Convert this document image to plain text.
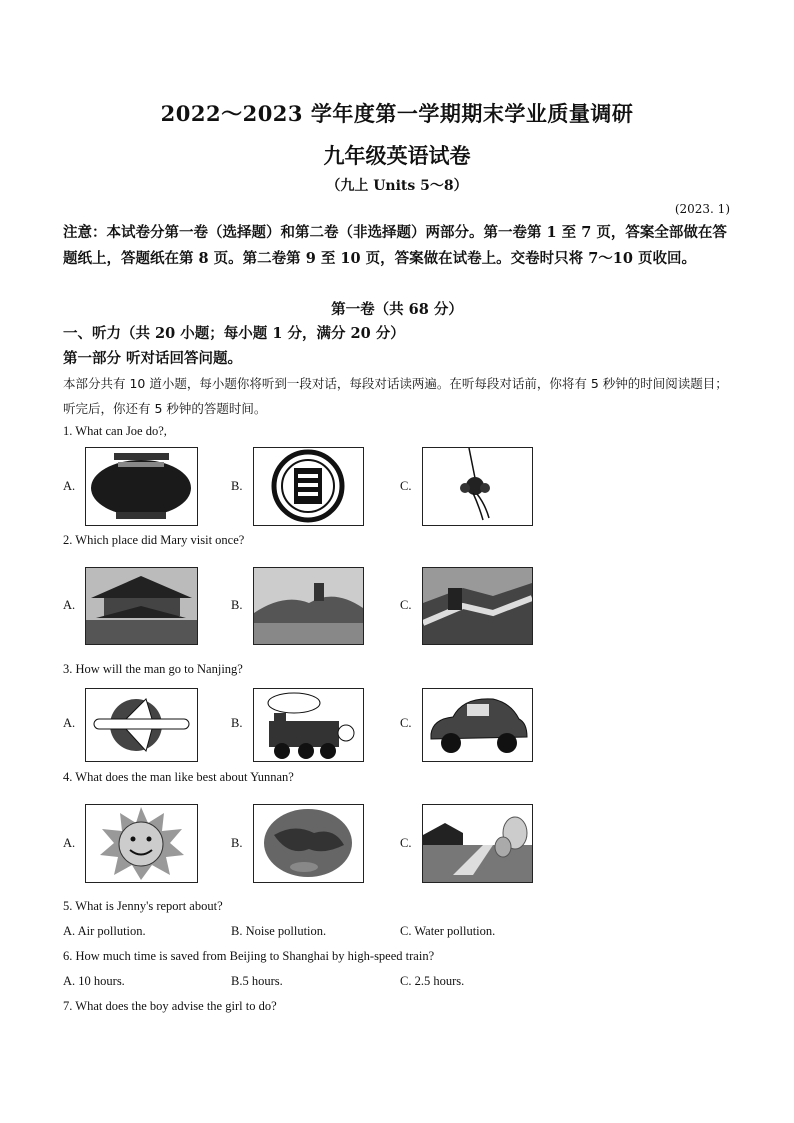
2022～2023 学年度第一学期期末学业质量调研
九年级英语试卷
（九上 Units 5～8）
(2023. 1)
注意：本试卷分第一卷（选择题）和第二卷（非选择题）两部分。第一卷第 1 至 7 页，答案全部做在答题纸上，答题纸在第 8 页。第二卷第 9 至 10 页，答案做在试卷上。交卷时只将 7～10 页收回。
第一卷（共 68 分）
一、听力（共 20 小题；每小题 1 分，满分 20 分）
第一部分 听对话回答问题。
本部分共有 10 道小题，每小题你将听到一段对话，每段对话读两遍。在听每段对话前，你将有 5 秒钟的时间阅读题目；听完后，你还有 5 秒钟的答题时间。
1. What can Joe do?,
A.	B.	C.
2. Which place did Mary visit once?
A.	B.	C.
3. How will the man go to Nanjing?
A.	B.	C.
4. What does the man like best about Yunnan?
A.	B.	C.
5. What is Jenny's report about?
A. Air pollution.	B. Noise pollution.	C. Water pollution.
6. How much time is saved from Beijing to Shanghai by high-speed train?
A. 10 hours.	B.5 hours.	C. 2.5 hours.
7. What does the boy advise the girl to do?
